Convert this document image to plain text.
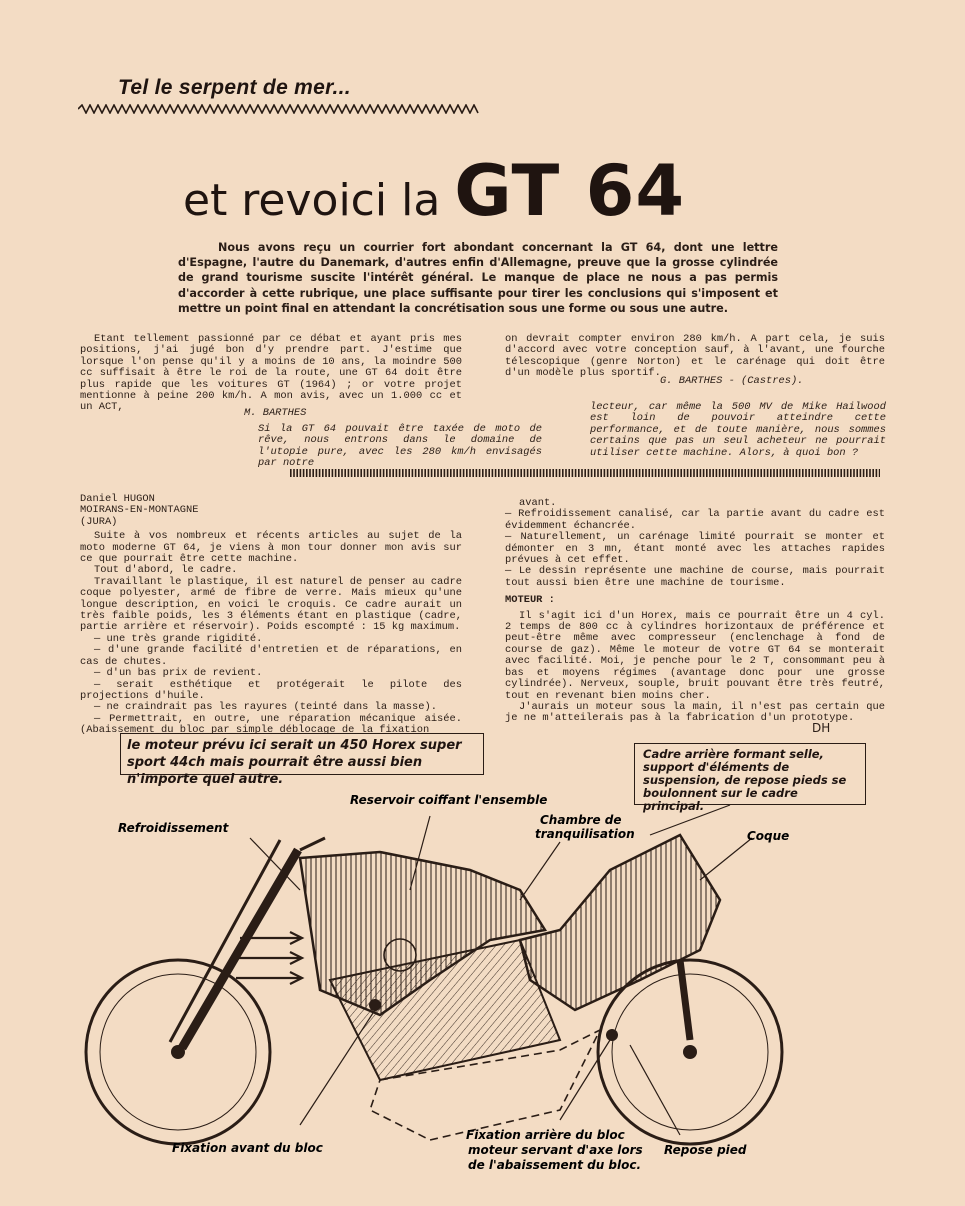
Tel le serpent de mer...
et revoici la GT 64
Nous avons reçu un courrier fort abondant concernant la GT 64, dont une lettre d'Espagne, l'autre du Danemark, d'autres enfin d'Allemagne, preuve que la grosse cylindrée de grand tourisme suscite l'intérêt général. Le manque de place ne nous a pas permis d'accorder à cette rubrique, une place suffisante pour tirer les conclusions qui s'imposent et mettre un point final en attendant la concrétisation sous une forme ou sous une autre.
Etant tellement passionné par ce débat et ayant pris mes positions, j'ai jugé bon d'y prendre part. J'estime que lorsque l'on pense qu'il y a moins de 10 ans, la moindre 500 cc suffisait à être le roi de la route, une GT 64 doit être plus rapide que les voitures GT (1964) ; or votre projet mentionne à peine 200 km/h. A mon avis, avec un 1.000 cc et un ACT,
on devrait compter environ 280 km/h. A part cela, je suis d'accord avec votre conception sauf, à l'avant, une fourche télescopique (genre Norton) et le carénage qui doit être d'un modèle plus sportif.
G. BARTHES - (Castres).
M. BARTHES
Si la GT 64 pouvait être taxée de moto de rêve, nous entrons dans le domaine de l'utopie pure, avec les 280 km/h envisagés par notre
lecteur, car même la 500 MV de Mike Hailwood est loin de pouvoir atteindre cette performance, et de toute manière, nous sommes certains que pas un seul acheteur ne pourrait utiliser cette machine. Alors, à quoi bon ?

Daniel HUGON

MOIRANS-EN-MONTAGNE

(JURA)

Suite à vos nombreux et récents articles au sujet de la moto moderne GT 64, je viens à mon tour donner mon avis sur ce que pourrait être cette machine.

Tout d'abord, le cadre.

Travaillant le plastique, il est naturel de penser au cadre coque polyester, armé de fibre de verre. Mais mieux qu'une longue description, en voici le croquis. Ce cadre aurait un très faible poids, les 3 éléments étant en plastique (cadre, partie arrière et réservoir). Poids escompté : 15 kg maximum.

— une très grande rigidité.

— d'une grande facilité d'entretien et de réparations, en cas de chutes.

— d'un bas prix de revient.

— serait esthétique et protégerait le pilote des projections d'huile.

— ne craindrait pas les rayures (teinté dans la masse).

— Permettrait, en outre, une réparation mécanique aisée. (Abaissement du bloc par simple déblocage de la fixation

avant.

— Refroidissement canalisé, car la partie avant du cadre est évidemment échancrée.

— Naturellement, un carénage limité pourrait se monter et démonter en 3 mn, étant monté avec les attaches rapides prévues à cet effet.

— Le dessin représente une machine de course, mais pourrait tout aussi bien être une machine de tourisme.

MOTEUR :

Il s'agit ici d'un Horex, mais ce pourrait être un 4 cyl. 2 temps de 800 cc à cylindres horizontaux de préférence et peut-être même avec compresseur (enclenchage à fond de course de gaz). Même le moteur de votre GT 64 se monterait avec facilité. Moi, je penche pour le 2 T, consommant peu à bas et moyens régimes (avantage donc pour une grosse cylindrée). Nerveux, souple, bruit pouvant être très feutré, tout en revenant bien moins cher.

J'aurais un moteur sous la main, il n'est pas certain que je ne m'atteilerais pas à la fabrication d'un prototype.

DH
le moteur prévu ici serait un 450 Horex super sport 44ch mais pourrait être aussi bien n'importe quel autre.
Cadre arrière formant selle, support d'éléments de suspension, de repose pieds se boulonnent sur le cadre principal.
Reservoir coiffant l'ensemble
Chambre de
tranquilisation
Refroidissement
Coque
Fixation avant du bloc
Fixation arrière du bloc
moteur servant d'axe lors
de l'abaissement du bloc.
Repose pied
